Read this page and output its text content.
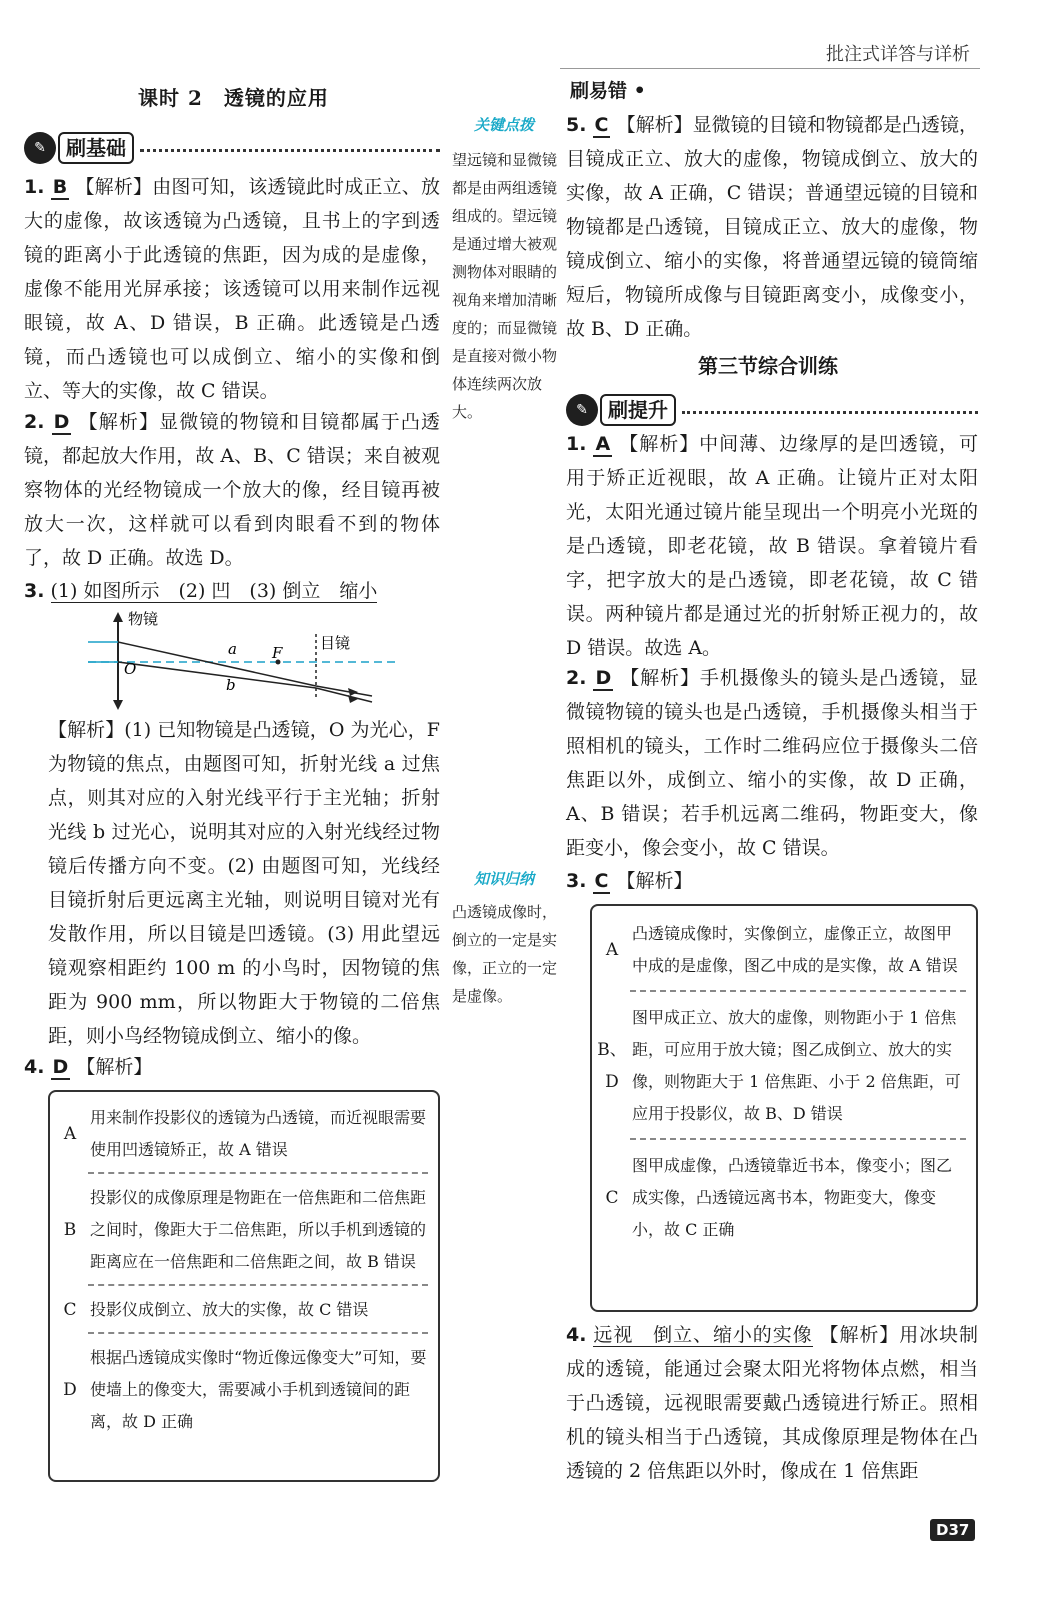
批注式详答与详析
课时 2　透镜的应用
✎	刷基础
1. B 【解析】由图可知，该透镜此时成正立、放大的虚像，故该透镜为凸透镜，且书上的字到透镜的距离小于此透镜的焦距，因为成的是虚像，虚像不能用光屏承接；该透镜可以用来制作远视眼镜，故 A、D 错误，B 正确。此透镜是凸透镜，而凸透镜也可以成倒立、缩小的实像和倒立、等大的实像，故 C 错误。
2. D 【解析】显微镜的物镜和目镜都属于凸透镜，都起放大作用，故 A、B、C 错误；来自被观察物体的光经物镜成一个放大的像，经目镜再被放大一次，这样就可以看到肉眼看不到的物体了，故 D 正确。故选 D。
3. (1) 如图所示　(2) 凹　(3) 倒立　缩小
物镜
目镜
O
F
a
b
【解析】(1) 已知物镜是凸透镜，O 为光心，F 为物镜的焦点，由题图可知，折射光线 a 过焦点，则其对应的入射光线平行于主光轴；折射光线 b 过光心，说明其对应的入射光线经过物镜后传播方向不变。(2) 由题图可知，光线经目镜折射后更远离主光轴，则说明目镜对光有发散作用，所以目镜是凹透镜。(3) 用此望远镜观察相距约 100 m 的小鸟时，因物镜的焦距为 900 mm，所以物距大于物镜的二倍焦距，则小鸟经物镜成倒立、缩小的像。
4. D 【解析】
A
用来制作投影仪的透镜为凸透镜，而近视眼需要使用凹透镜矫正，故 A 错误
B
投影仪的成像原理是物距在一倍焦距和二倍焦距之间时，像距大于二倍焦距，所以手机到透镜的距离应在一倍焦距和二倍焦距之间，故 B 错误
C 投影仪成倒立、放大的实像，故 C 错误
D
根据凸透镜成实像时“物近像远像变大”可知，要使墙上的像变大，需要减小手机到透镜间的距离，故 D 正确
关键点拨
望远镜和显微镜都是由两组透镜组成的。望远镜是通过增大被观测物体对眼睛的视角来增加清晰度的；而显微镜是直接对微小物体连续两次放大。
知识归纳
凸透镜成像时，倒立的一定是实像，正立的一定是虚像。
刷易错 •
5. C 【解析】显微镜的目镜和物镜都是凸透镜，目镜成正立、放大的虚像，物镜成倒立、放大的实像，故 A 正确，C 错误；普通望远镜的目镜和物镜都是凸透镜，目镜成正立、放大的虚像，物镜成倒立、缩小的实像，将普通望远镜的镜筒缩短后，物镜所成像与目镜距离变小，成像变小，故 B、D 正确。
第三节综合训练
✎	刷提升
1. A 【解析】中间薄、边缘厚的是凹透镜，可用于矫正近视眼，故 A 正确。让镜片正对太阳光，太阳光通过镜片能呈现出一个明亮小光斑的是凸透镜，即老花镜，故 B 错误。拿着镜片看字，把字放大的是凸透镜，即老花镜，故 C 错误。两种镜片都是通过光的折射矫正视力的，故 D 错误。故选 A。
2. D 【解析】手机摄像头的镜头是凸透镜，显微镜物镜的镜头也是凸透镜，手机摄像头相当于照相机的镜头，工作时二维码应位于摄像头二倍焦距以外，成倒立、缩小的实像，故 D 正确，A、B 错误；若手机远离二维码，物距变大，像距变小，像会变小，故 C 错误。
3. C 【解析】
A
凸透镜成像时，实像倒立，虚像正立，故图甲中成的是虚像，图乙中成的是实像，故 A 错误
B、D
图甲成正立、放大的虚像，则物距小于 1 倍焦距，可应用于放大镜；图乙成倒立、放大的实像，则物距大于 1 倍焦距、小于 2 倍焦距，可应用于投影仪，故 B、D 错误
C
图甲成虚像，凸透镜靠近书本，像变小；图乙成实像，凸透镜远离书本，物距变大，像变小，故 C 正确
4. 远视　倒立、缩小的实像 【解析】用冰块制成的透镜，能通过会聚太阳光将物体点燃，相当于凸透镜，远视眼需要戴凸透镜进行矫正。照相机的镜头相当于凸透镜，其成像原理是物体在凸透镜的 2 倍焦距以外时，像成在 1 倍焦距
D37
